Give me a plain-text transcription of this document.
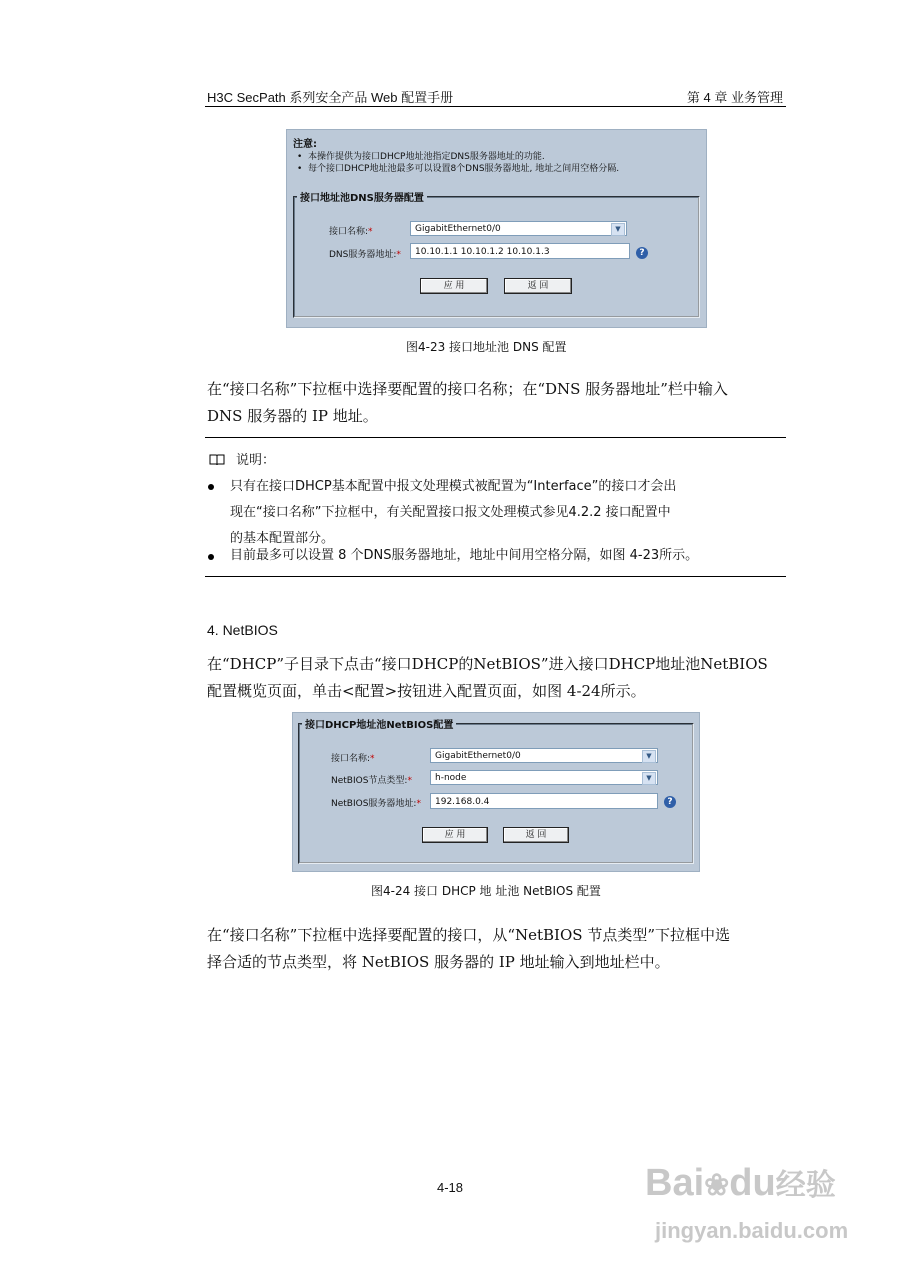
H3C SecPath 系列安全产品 Web 配置手册	第 4 章 业务管理
注意:
•  本操作提供为接口DHCP地址池指定DNS服务器地址的功能.
•  每个接口DHCP地址池最多可以设置8个DNS服务器地址, 地址之间用空格分隔.
接口地址池DNS服务器配置
接口名称:*	GigabitEthernet0/0	▼
DNS服务器地址:*	10.10.1.1 10.10.1.2 10.10.1.3	?
应 用	返 回
图4-23 接口地址池 DNS 配置
在“接口名称”下拉框中选择要配置的接口名称；在“DNS 服务器地址”栏中输入
DNS 服务器的 IP 地址。
说明：
只有在接口DHCP基本配置中报文处理模式被配置为“Interface”的接口才会出
现在“接口名称”下拉框中，有关配置接口报文处理模式参见4.2.2 接口配置中
的基本配置部分。
目前最多可以设置 8 个DNS服务器地址，地址中间用空格分隔，如图 4-23所示。
4. NetBIOS
在“DHCP”子目录下点击“接口DHCP的NetBIOS”进入接口DHCP地址池NetBIOS
配置概览页面，单击<配置>按钮进入配置页面，如图 4-24所示。
接口DHCP地址池NetBIOS配置
接口名称:*	GigabitEthernet0/0	▼
NetBIOS节点类型:*	h-node	▼
NetBIOS服务器地址:*	192.168.0.4	?
应 用	返 回
图4-24 接口 DHCP 地 址池 NetBIOS 配置
在“接口名称”下拉框中选择要配置的接口，从“NetBIOS 节点类型”下拉框中选
择合适的节点类型，将 NetBIOS 服务器的 IP 地址输入到地址栏中。
4-18	Bai❀du经验
jingyan.baidu.com
